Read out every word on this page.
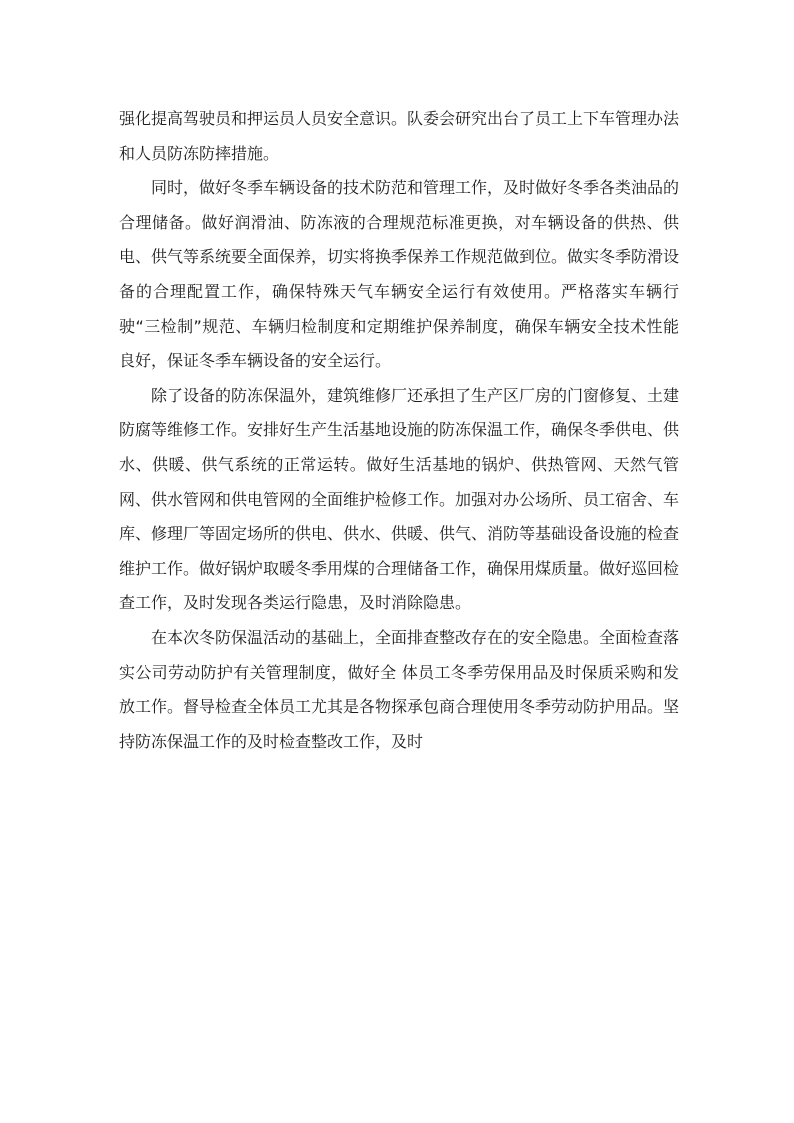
强化提高驾驶员和押运员人员安全意识。队委会研究出台了员工上下车管理办法和人员防冻防摔措施。

同时，做好冬季车辆设备的技术防范和管理工作，及时做好冬季各类油品的合理储备。做好润滑油、防冻液的合理规范标准更换，对车辆设备的供热、供电、供气等系统要全面保养，切实将换季保养工作规范做到位。做实冬季防滑设备的合理配置工作，确保特殊天气车辆安全运行有效使用。严格落实车辆行驶“三检制”规范、车辆归检制度和定期维护保养制度，确保车辆安全技术性能良好，保证冬季车辆设备的安全运行。

除了设备的防冻保温外，建筑维修厂还承担了生产区厂房的门窗修复、土建防腐等维修工作。安排好生产生活基地设施的防冻保温工作，确保冬季供电、供水、供暖、供气系统的正常运转。做好生活基地的锅炉、供热管网、天然气管网、供水管网和供电管网的全面维护检修工作。加强对办公场所、员工宿舍、车库、修理厂等固定场所的供电、供水、供暖、供气、消防等基础设备设施的检查维护工作。做好锅炉取暖冬季用煤的合理储备工作，确保用煤质量。做好巡回检查工作，及时发现各类运行隐患，及时消除隐患。

在本次冬防保温活动的基础上，全面排查整改存在的安全隐患。全面检查落实公司劳动防护有关管理制度，做好全 体员工冬季劳保用品及时保质采购和发放工作。督导检查全体员工尤其是各物探承包商合理使用冬季劳动防护用品。坚持防冻保温工作的及时检查整改工作，及时
